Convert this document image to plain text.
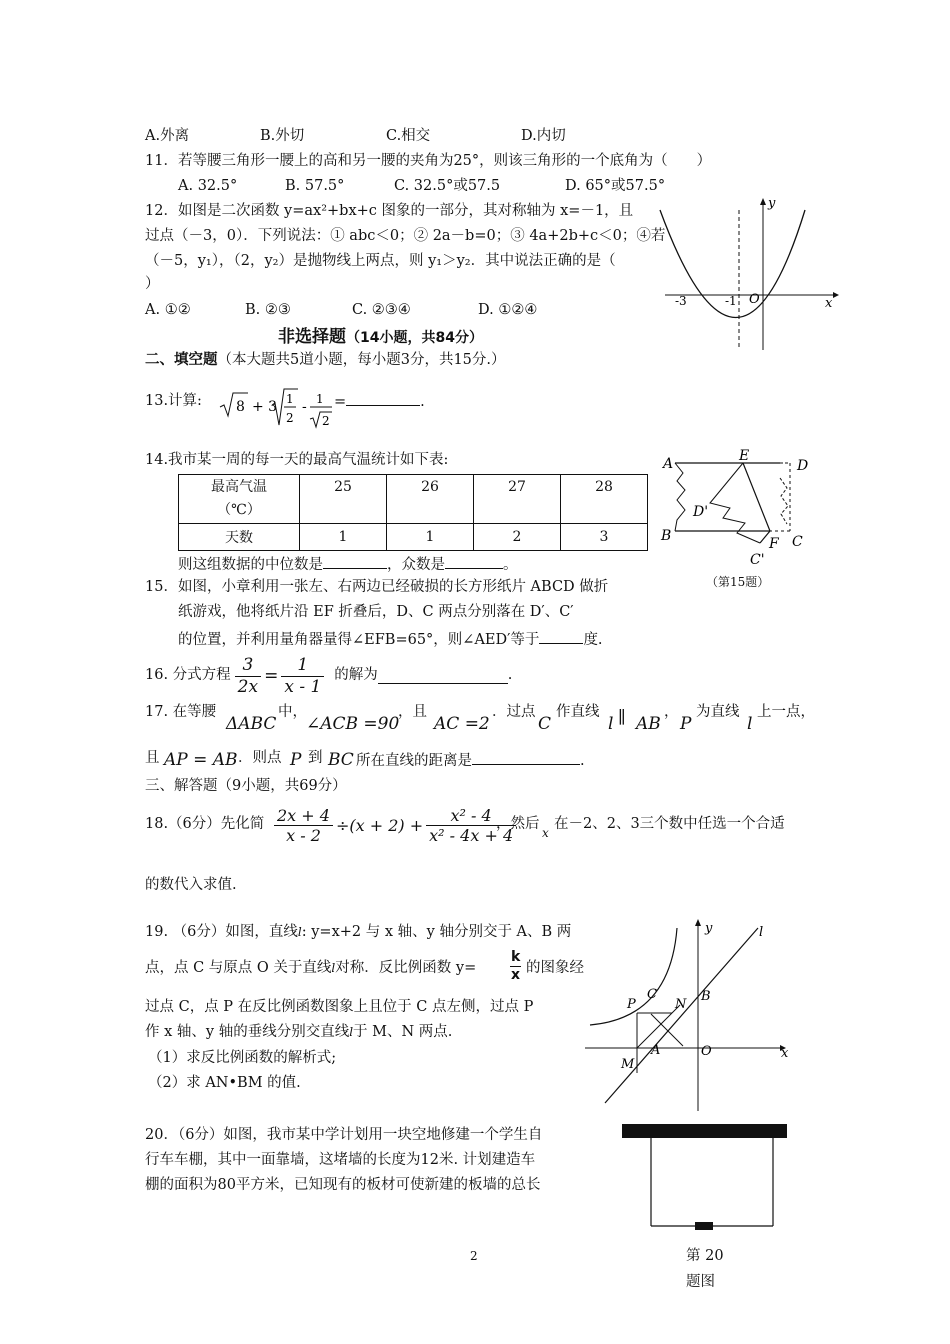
A.外离	B.外切	C.相交	D.内切
11．若等腰三角形一腰上的高和另一腰的夹角为25°，则该三角形的一个底角为（　　）
A. 32.5°	B. 57.5°	C. 32.5°或57.5	D. 65°或57.5°
12．如图是二次函数 y=ax²+bx+c 图象的一部分，其对称轴为 x=－1，且
过点（－3，0）．下列说法：① abc＜0；② 2a－b=0；③ 4a+2b+c＜0；④若
（－5，y₁），（2，y₂）是抛物线上两点，则 y₁＞y₂．其中说法正确的是（
）
A. ①②	B. ②③	C. ②③④	D. ①②④
y
x
O
-3	-1
非选择题（14小题，共84分）
二、填空题（本大题共5道小题，每小题3分，共15分.）
13.计算: 8 + 3 1
2
- 1
2
=	.
14.我市某一周的每一天的最高气温统计如下表:
最高气温
（℃）	25	26	27	28
天数	1	1	2	3
则这组数据的中位数是	，众数是	。
A	E
D
D'
B	F C
C'
（第15题）
15．如图，小章利用一张左、右两边已经破损的长方形纸片 ABCD 做折
纸游戏，他将纸片沿 EF 折叠后，D、C 两点分别落在 D′、C′
的位置，并利用量角器量得∠EFB=65°，则∠AED′等于	度.
16. 分式方程 $\frac{3}{2x} = \frac{1}{x - 1}$ 的解为	.
17. 在等腰
ΔABC
中，
∠ACB =90
，且
AC =2
．过点
C
作直线
l ∥ AB
，
P
为直线
l
上一点，
且 AP = AB ．则点 P 到 BC 所在直线的距离是	.
三、解答题（9小题，共69分）
18.（6分）先化简 $\frac{2x + 4}{x - 2} \div(x + 2) + \frac{\text{x² - 4}}{\text{x² - 4x + 4}}$
，然后
x
在－2、2、3三个数中任选一个合适
的数代入求值.
19. （6分）如图，直线l: y=x+2 与 x 轴、y 轴分别交于 A、B 两
点，点 C 与原点 O 关于直线l对称．反比例函数 y=
k
x 的图象经
过点 C，点 P 在反比例函数图象上且位于 C 点左侧，过点 P
作 x 轴、y 轴的垂线分别交直线l于 M、N 两点.
（1）求反比例函数的解析式;
（2）求 AN•BM 的值.
y	l
C
P	N
B
A	O	x
M
20．（6分）如图，我市某中学计划用一块空地修建一个学生自
行车车棚，其中一面靠墙，这堵墙的长度为12米. 计划建造车
棚的面积为80平方米，已知现有的板材可使新建的板墙的总长
第 20
题图
2
